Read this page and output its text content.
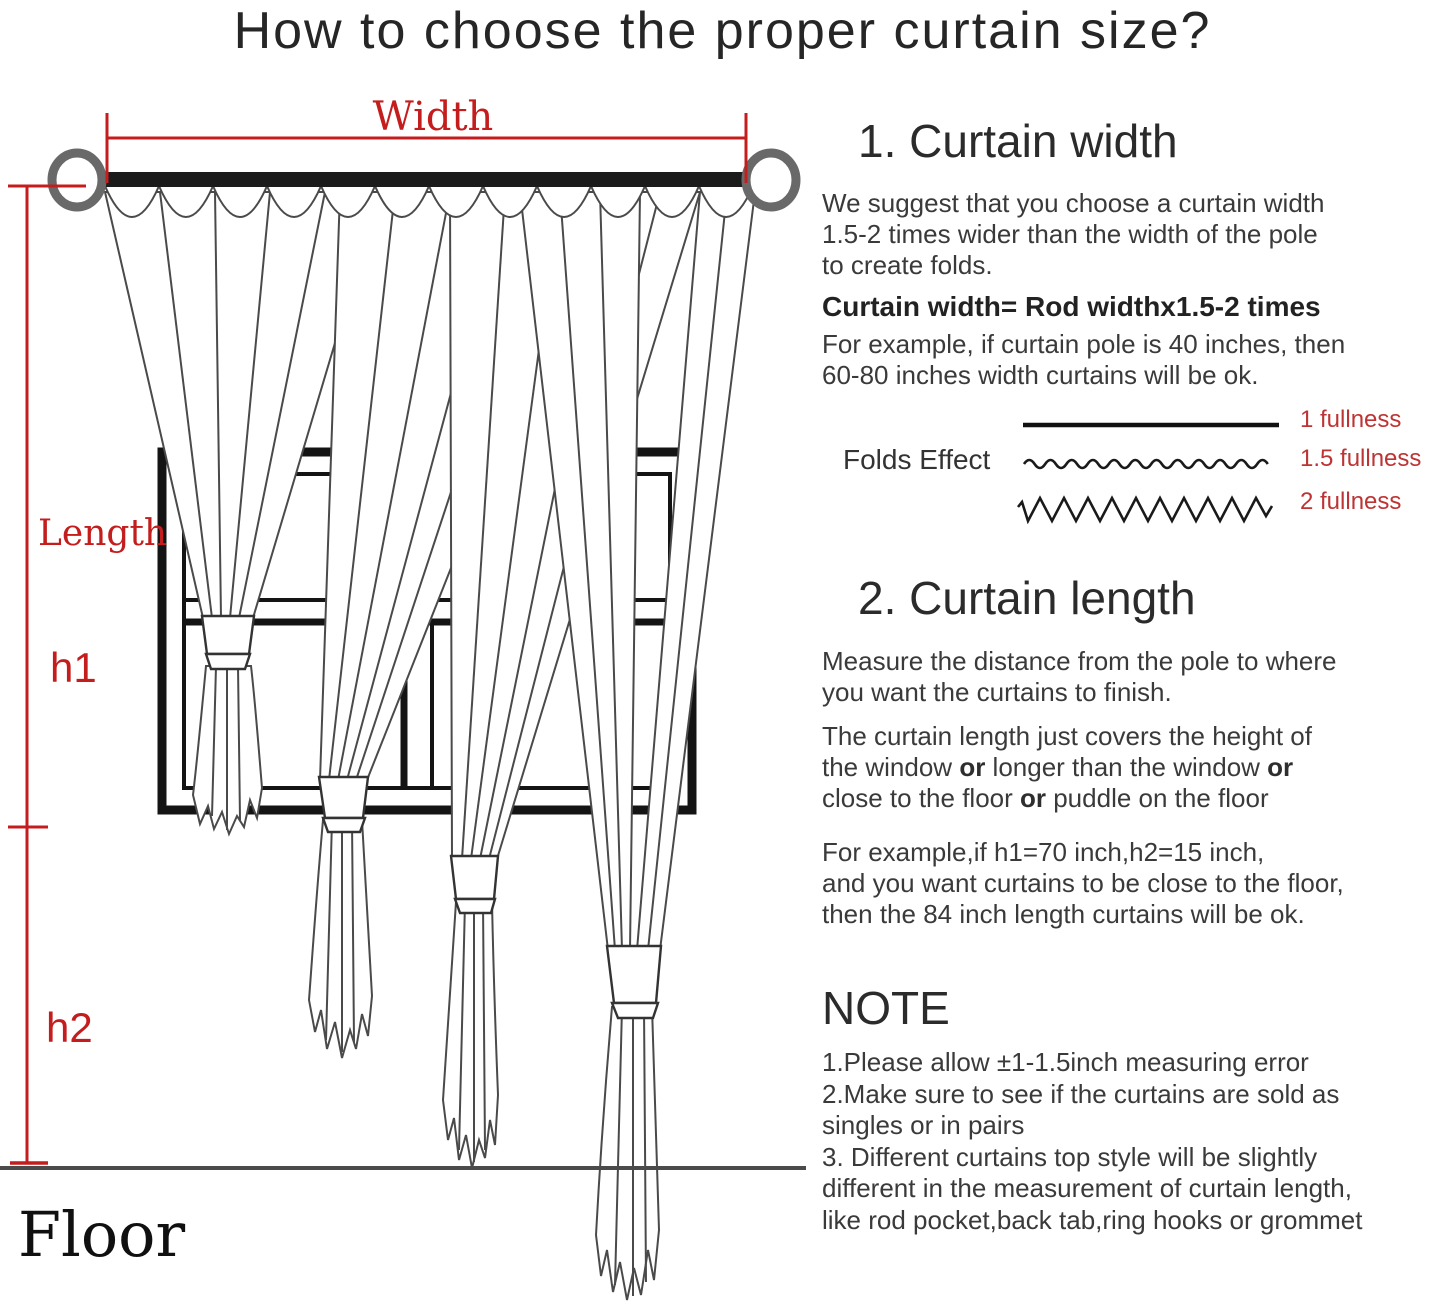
How to choose the proper curtain size?
Width
Length
h1
h2
Floor
1. Curtain width
We suggest that you choose a curtain width
1.5-2 times wider than the width of the pole
to create folds.
Curtain width= Rod widthx1.5-2 times
For example, if curtain pole is 40 inches, then
60-80 inches width curtains will be ok.
Folds Effect
1 fullness
1.5 fullness
2 fullness
2. Curtain length
Measure the distance from the pole to where
you want the curtains to finish.
The curtain length just covers the height of
the window or longer than the window or
close to the floor or puddle on the floor
For example,if h1=70 inch,h2=15 inch,
and you want curtains to be close to the floor,
then the 84 inch length curtains will be ok.
NOTE
1.Please allow ±1-1.5inch measuring error
2.Make sure to see if the curtains are sold as
singles or in pairs
3. Different curtains top style will be slightly
different in the measurement of curtain length,
like rod pocket,back tab,ring hooks or grommet
